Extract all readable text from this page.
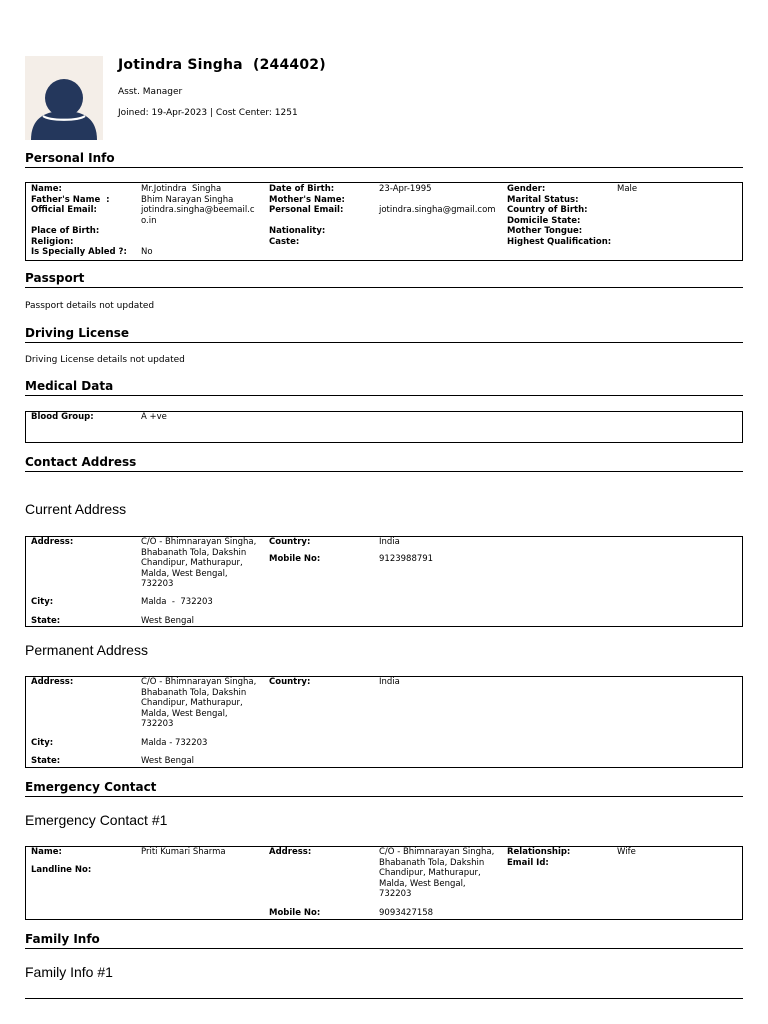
Jotindra Singha  (244402)
Asst. Manager
Joined: 19-Apr-2023 | Cost Center: 1251
Personal Info
Name:	Mr.Jotindra  Singha
Father's Name  :	Bhim Narayan Singha
Official Email:	jotindra.singha@beemail.co.in
Place of Birth:
Religion:
Is Specially Abled ?: No
Date of Birth:	23-Apr-1995
Mother's Name:
Personal Email:	jotindra.singha@gmail.com
Nationality:
Caste:
Gender:	Male
Marital Status:
Country of Birth:
Domicile State:
Mother Tongue:
Highest Qualification:
Passport
Passport details not updated
Driving License
Driving License details not updated
Medical Data
Blood Group:	A +ve
Contact Address
Current Address
Address:	C/O - Bhimnarayan Singha, Bhabanath Tola, Dakshin Chandipur, Mathurapur, Malda, West Bengal, 732203
City:	Malda  -  732203
State:	West Bengal
Country:	India
Mobile No:	9123988791
Permanent Address
Address:	C/O - Bhimnarayan Singha, Bhabanath Tola, Dakshin Chandipur, Mathurapur, Malda, West Bengal, 732203
City:	Malda - 732203
State:	West Bengal
Country:	India
Emergency Contact
Emergency Contact #1
Name:	Priti Kumari Sharma
Landline No:
Address:	C/O - Bhimnarayan Singha, Bhabanath Tola, Dakshin Chandipur, Mathurapur, Malda, West Bengal, 732203
Mobile No:	9093427158
Relationship:	Wife
Email Id:
Family Info
Family Info #1
